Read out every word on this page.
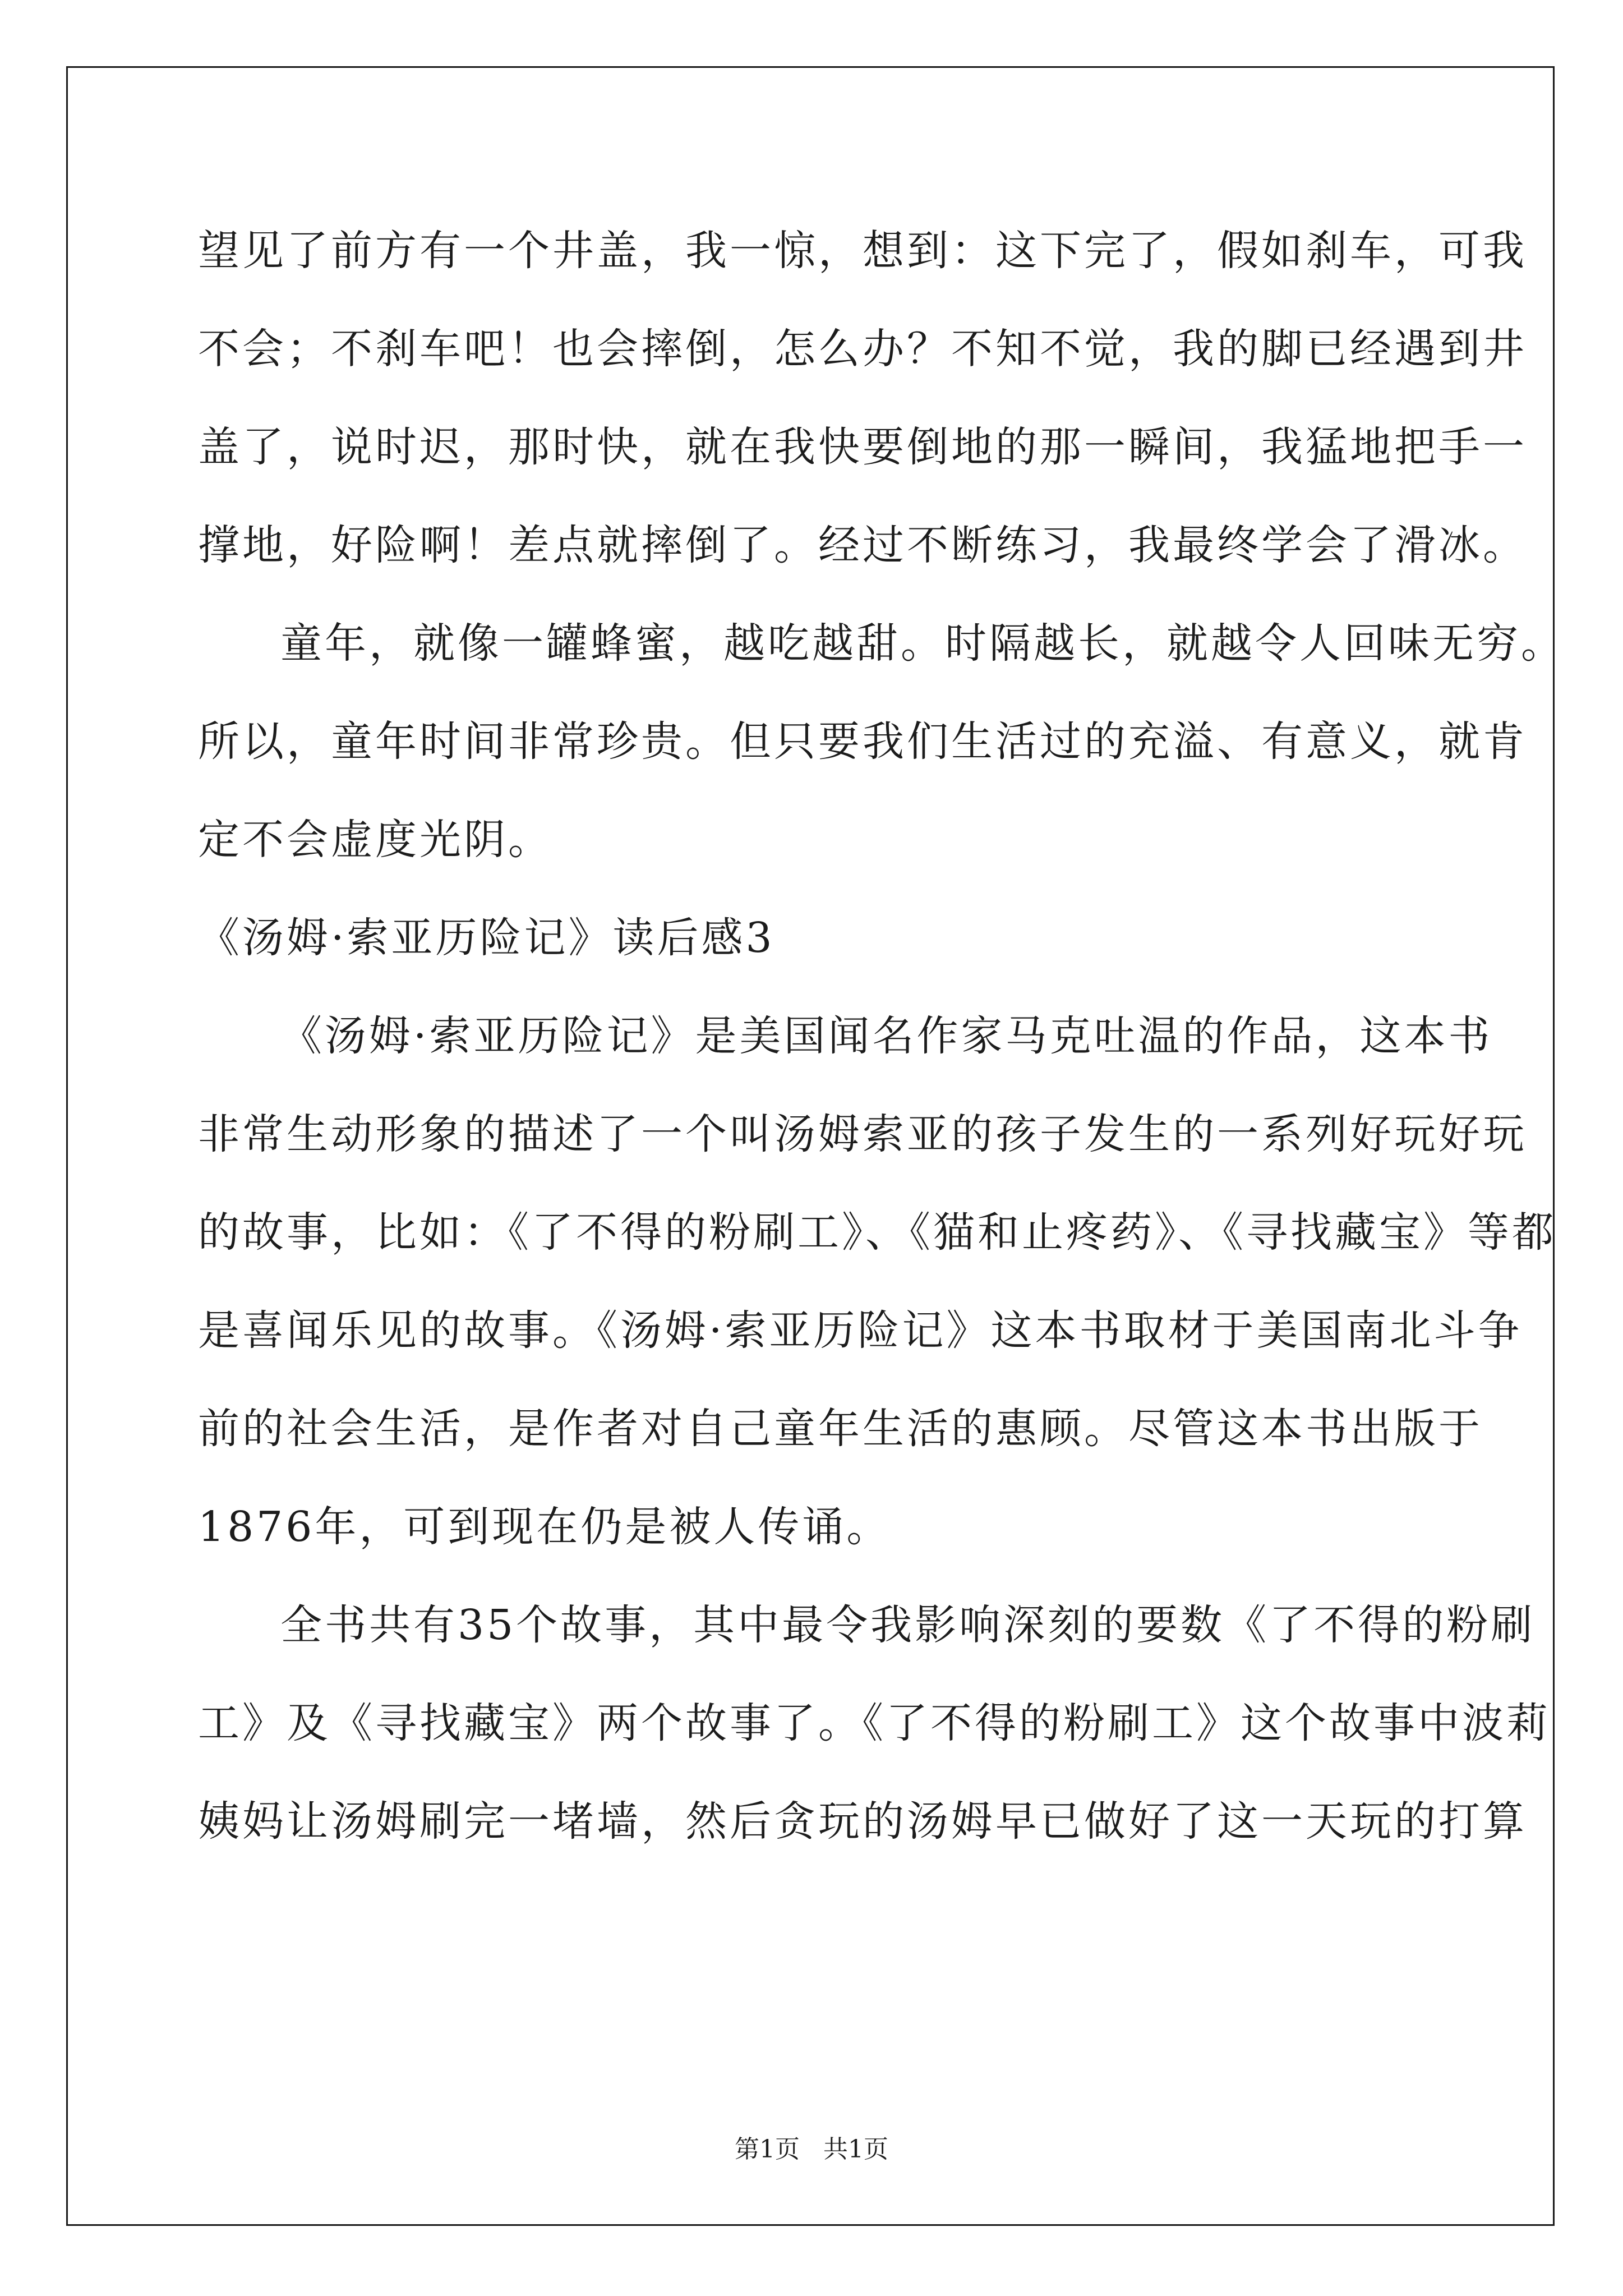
望见了前方有一个井盖，我一惊，想到：这下完了，假如刹车，可我
不会；不刹车吧！也会摔倒，怎么办？不知不觉，我的脚已经遇到井
盖了，说时迟，那时快，就在我快要倒地的那一瞬间，我猛地把手一
撑地，好险啊！差点就摔倒了。经过不断练习，我最终学会了滑冰。
童年，就像一罐蜂蜜，越吃越甜。时隔越长，就越令人回味无穷。
所以，童年时间非常珍贵。但只要我们生活过的充溢、有意义，就肯
定不会虚度光阴。
《汤姆·索亚历险记》读后感3
《汤姆·索亚历险记》是美国闻名作家马克吐温的作品，这本书
非常生动形象的描述了一个叫汤姆索亚的孩子发生的一系列好玩好玩
的故事，比如：《了不得的粉刷工》、《猫和止疼药》、《寻找藏宝》等都
是喜闻乐见的故事。《汤姆·索亚历险记》这本书取材于美国南北斗争
前的社会生活，是作者对自己童年生活的惠顾。尽管这本书出版于
1876年，可到现在仍是被人传诵。
全书共有35个故事，其中最令我影响深刻的要数《了不得的粉刷
工》及《寻找藏宝》两个故事了。《了不得的粉刷工》这个故事中波莉
姨妈让汤姆刷完一堵墙，然后贪玩的汤姆早已做好了这一天玩的打算
第1页   共1页
